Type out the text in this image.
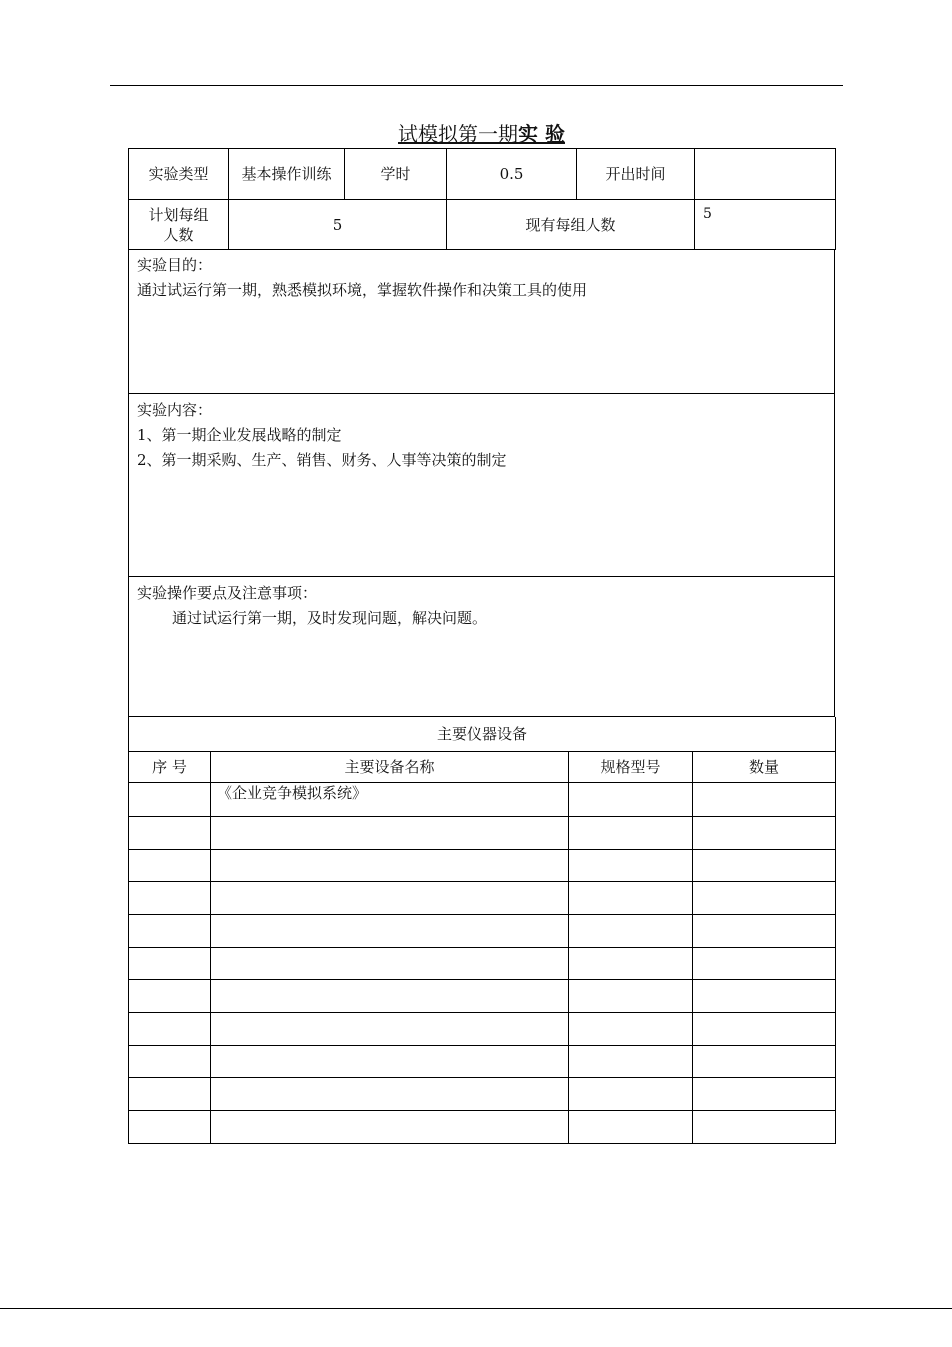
试模拟第一期实 验
实验类型	基本操作训练	学时	0.5	开出时间	
计划每组人数	5		现有每组人数		5
实验目的：
通过试运行第一期，熟悉模拟环境，掌握软件操作和决策工具的使用
实验内容：
1、第一期企业发展战略的制定
2、第一期采购、生产、销售、财务、人事等决策的制定
实验操作要点及注意事项：
通过试运行第一期，及时发现问题，解决问题。
主要仪器设备			
序 号	主要设备名称	规格型号	数量
	《企业竞争模拟系统》		
